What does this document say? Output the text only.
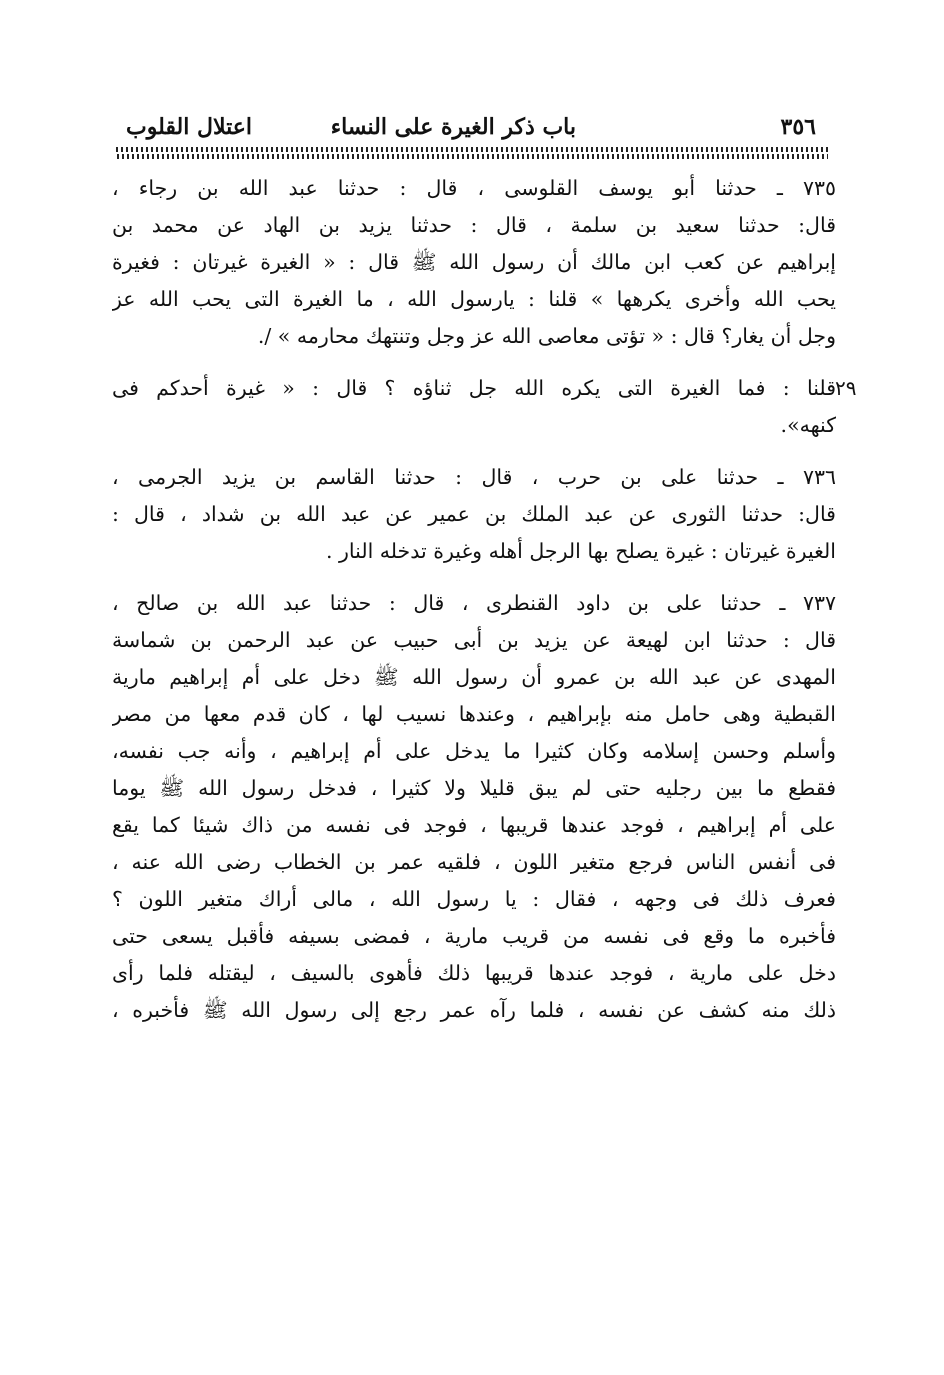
٣٥٦
باب ذكر الغيرة على النساء
اعتلال القلوب
٢٩
٧٣٥ ـ حدثنا أبو يوسف القلوسى ، قال : حدثنا عبد الله بن رجاء ،
قال: حدثنا سعيد بن سلمة ، قال : حدثنا يزيد بن الهاد عن محمد بن
إبراهيم عن كعب ابن مالك أن رسول الله ﷺ قال : « الغيرة غيرتان : فغيرة
يحب الله وأخرى يكرهها » قلنا : يارسول الله ، ما الغيرة التى يحب الله عز
وجل أن يغار؟ قال : « تؤتى معاصى الله عز وجل وتنتهك محارمه » /.
قلنا : فما الغيرة التى يكره الله جل ثناؤه ؟ قال : « غيرة أحدكم فى
كنهه».
٧٣٦ ـ حدثنا على بن حرب ، قال : حدثنا القاسم بن يزيد الجرمى ،
قال: حدثنا الثورى عن عبد الملك بن عمير عن عبد الله بن شداد ، قال :
الغيرة غيرتان : غيرة يصلح بها الرجل أهله وغيرة تدخله النار .
٧٣٧ ـ حدثنا على بن داود القنطرى ، قال : حدثنا عبد الله بن صالح ،
قال : حدثنا ابن لهيعة عن يزيد بن أبى حبيب عن عبد الرحمن بن شماسة
المهدى عن عبد الله بن عمرو أن رسول الله ﷺ دخل على أم إبراهيم مارية
القبطية وهى حامل منه بإبراهيم ، وعندها نسيب لها ، كان قدم معها من مصر
وأسلم وحسن إسلامه وكان كثيرا ما يدخل على أم إبراهيم ، وأنه جب نفسه،
فقطع ما بين رجليه حتى لم يبق قليلا ولا كثيرا ، فدخل رسول الله ﷺ يوما
على أم إبراهيم ، فوجد عندها قريبها ، فوجد فى نفسه من ذاك شيئا كما يقع
فى أنفس الناس فرجع متغير اللون ، فلقيه عمر بن الخطاب رضى الله عنه ،
فعرف ذلك فى وجهه ، فقال : يا رسول الله ، مالى أراك متغير اللون ؟
فأخبره ما وقع فى نفسه من قريب مارية ، فمضى بسيفه فأقبل يسعى حتى
دخل على مارية ، فوجد عندها قريبها ذلك فأهوى بالسيف ، ليقتله فلما رأى
ذلك منه كشف عن نفسه ، فلما رآه عمر رجع إلى رسول الله ﷺ فأخبره ،
